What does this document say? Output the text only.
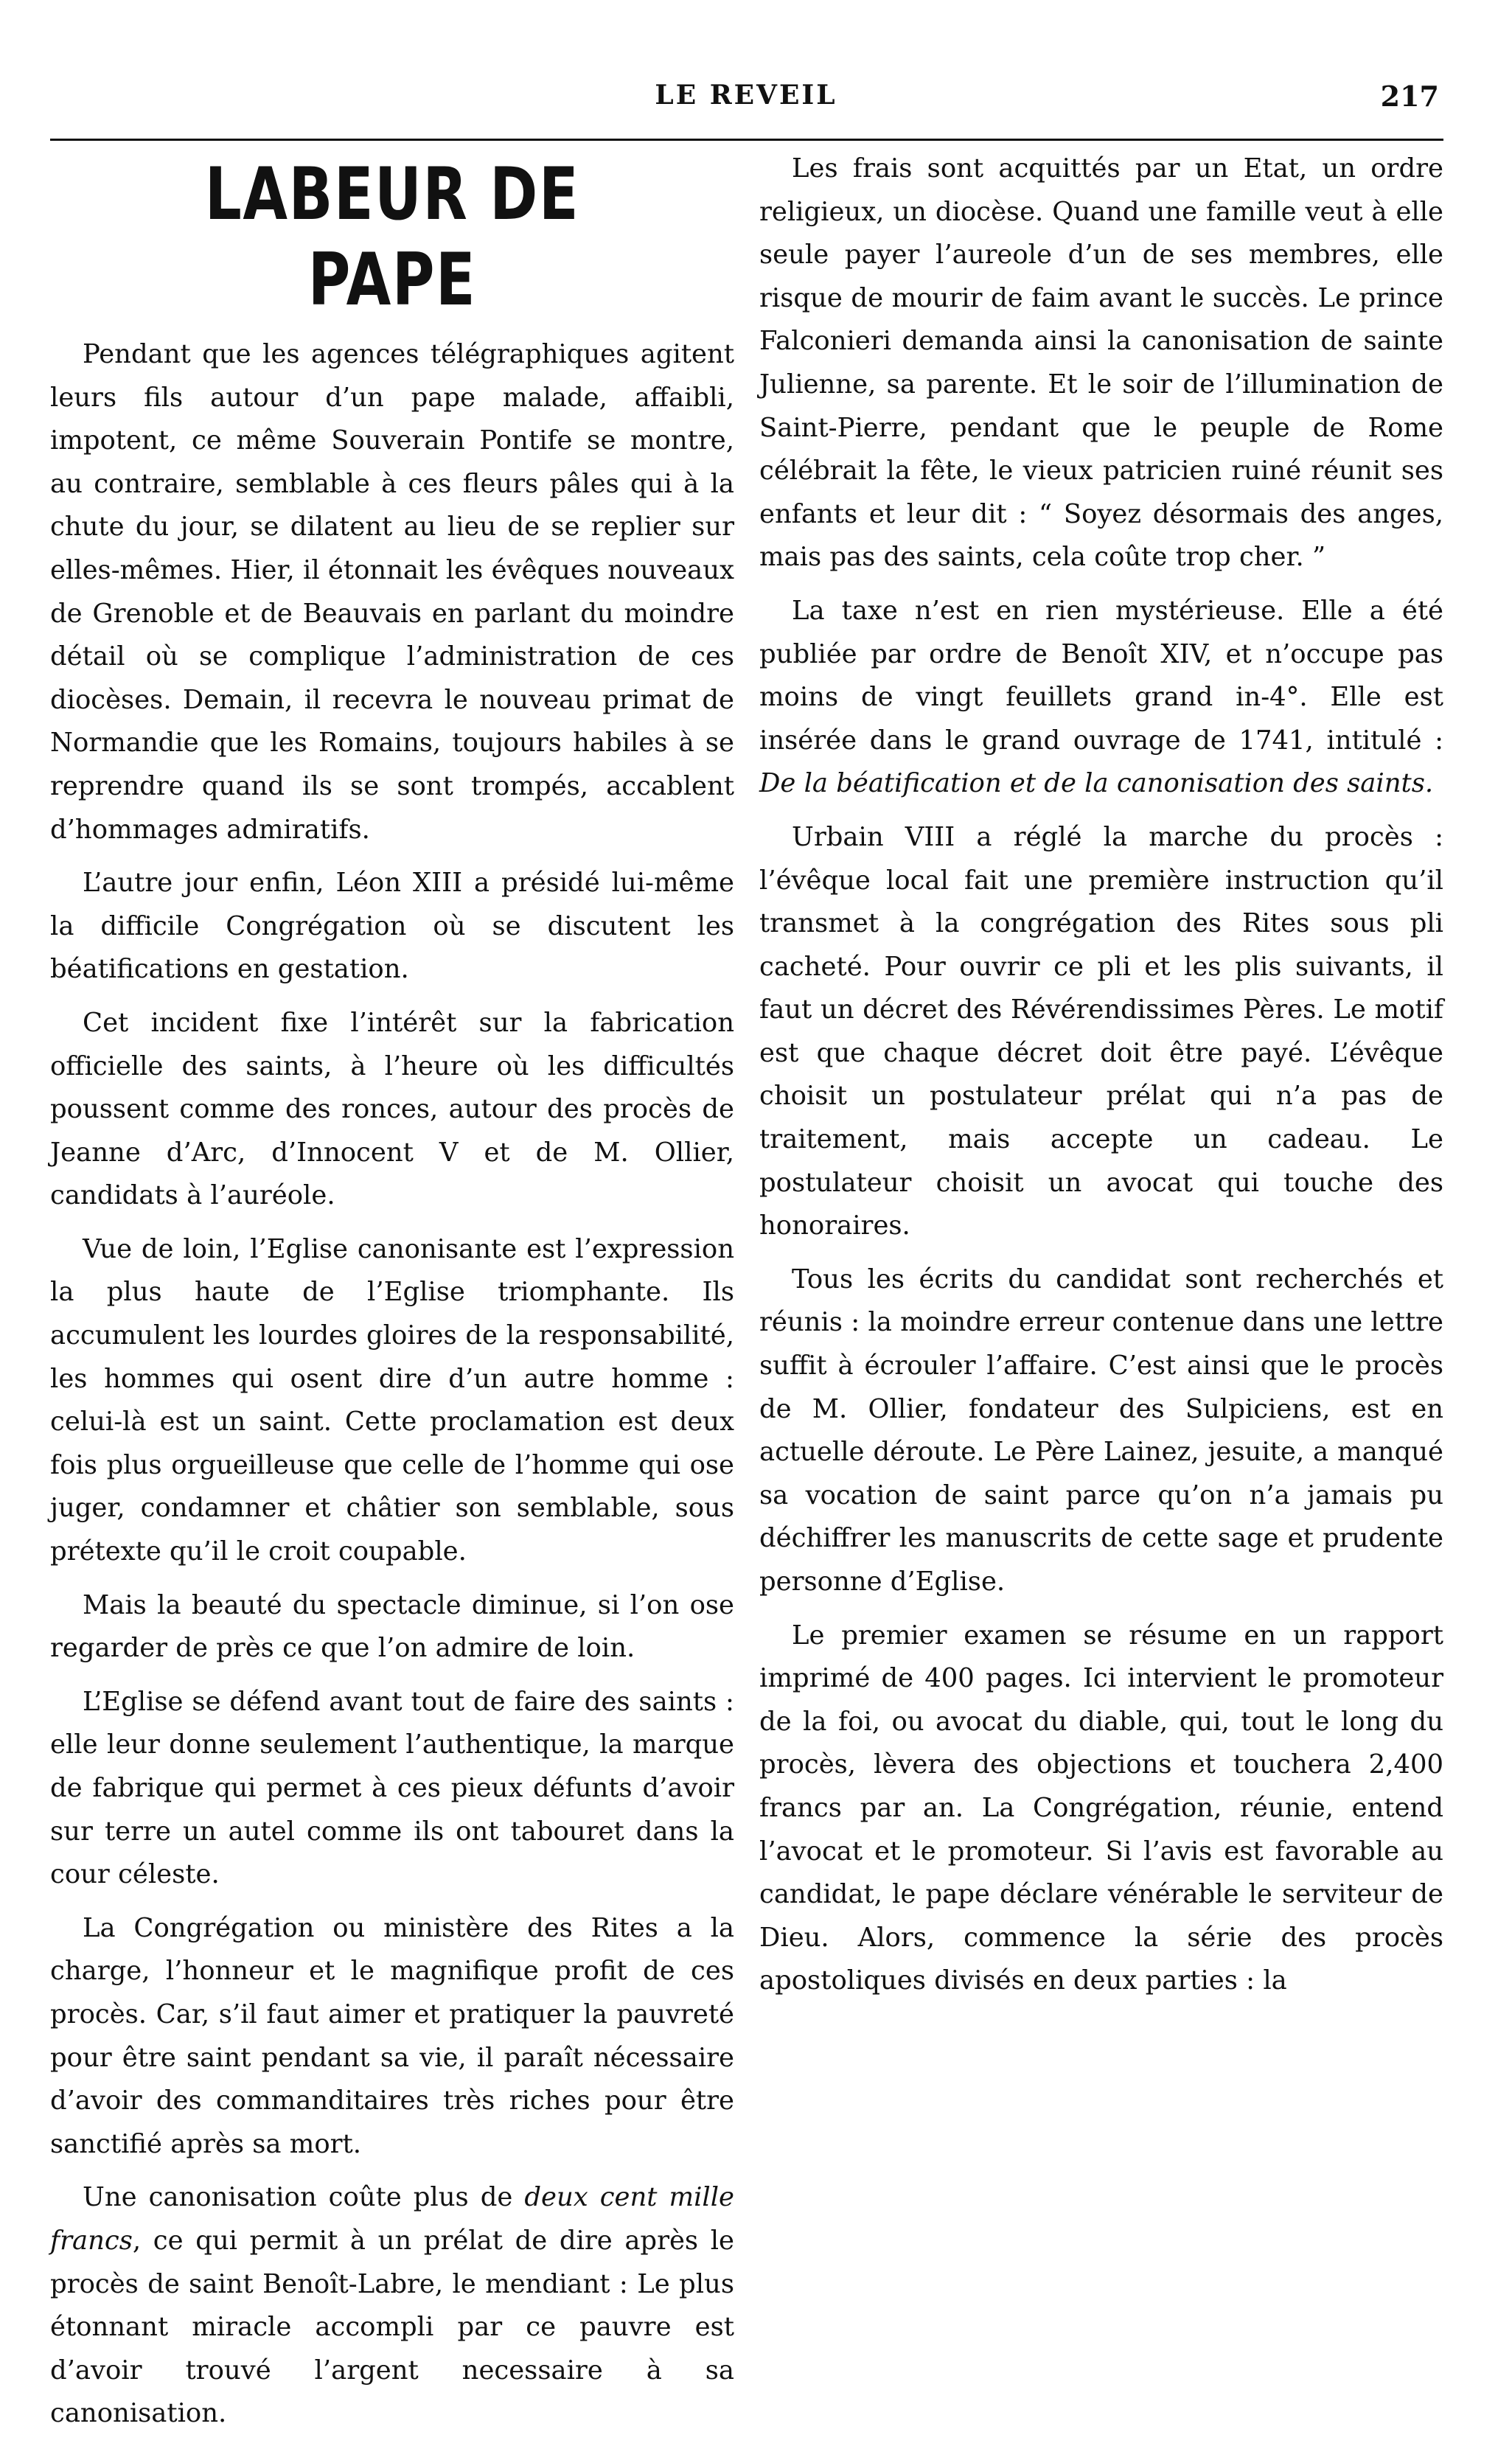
LE REVEIL	217
LABEUR DE PAPE

Pendant que les agences télégraphiques agitent leurs fils autour d’un pape malade, affaibli, impotent, ce même Souverain Pontife se montre, au contraire, semblable à ces fleurs pâles qui à la chute du jour, se dilatent au lieu de se replier sur elles-mêmes. Hier, il étonnait les évêques nouveaux de Grenoble et de Beauvais en parlant du moindre détail où se complique l’administration de ces diocèses. Demain, il recevra le nouveau primat de Normandie que les Romains, toujours habiles à se reprendre quand ils se sont trompés, accablent d’hommages admiratifs.

L’autre jour enfin, Léon XIII a présidé lui-même la difficile Congrégation où se discutent les béatifications en gestation.

Cet incident fixe l’intérêt sur la fabrication officielle des saints, à l’heure où les difficultés poussent comme des ronces, autour des procès de Jeanne d’Arc, d’Innocent V et de M. Ollier, candidats à l’auréole.

Vue de loin, l’Eglise canonisante est l’expression la plus haute de l’Eglise triomphante. Ils accumulent les lourdes gloires de la responsabilité, les hommes qui osent dire d’un autre homme : celui-là est un saint. Cette proclamation est deux fois plus orgueilleuse que celle de l’homme qui ose juger, condamner et châtier son semblable, sous prétexte qu’il le croit coupable.

Mais la beauté du spectacle diminue, si l’on ose regarder de près ce que l’on admire de loin.

L’Eglise se défend avant tout de faire des saints : elle leur donne seulement l’authentique, la marque de fabrique qui permet à ces pieux défunts d’avoir sur terre un autel comme ils ont tabouret dans la cour céleste.

La Congrégation ou ministère des Rites a la charge, l’honneur et le magnifique profit de ces procès. Car, s’il faut aimer et pratiquer la pauvreté pour être saint pendant sa vie, il paraît nécessaire d’avoir des commanditaires très riches pour être sanctifié après sa mort.

Une canonisation coûte plus de deux cent mille francs, ce qui permit à un prélat de dire après le procès de saint Benoît-Labre, le mendiant : Le plus étonnant miracle accompli par ce pauvre est d’avoir trouvé l’argent necessaire à sa canonisation.

Les frais sont acquittés par un Etat, un ordre religieux, un diocèse. Quand une famille veut à elle seule payer l’aureole d’un de ses membres, elle risque de mourir de faim avant le succès. Le prince Falconieri demanda ainsi la canonisation de sainte Julienne, sa parente. Et le soir de l’illumination de Saint-Pierre, pendant que le peuple de Rome célébrait la fête, le vieux patricien ruiné réunit ses enfants et leur dit : “ Soyez désormais des anges, mais pas des saints, cela coûte trop cher. ”

La taxe n’est en rien mystérieuse. Elle a été publiée par ordre de Benoît XIV, et n’occupe pas moins de vingt feuillets grand in-4°. Elle est insérée dans le grand ouvrage de 1741, intitulé : De la béatification et de la canonisation des saints.

Urbain VIII a réglé la marche du procès : l’évêque local fait une première instruction qu’il transmet à la congrégation des Rites sous pli cacheté. Pour ouvrir ce pli et les plis suivants, il faut un décret des Révérendissimes Pères. Le motif est que chaque décret doit être payé. L’évêque choisit un postulateur prélat qui n’a pas de traitement, mais accepte un cadeau. Le postulateur choisit un avocat qui touche des honoraires.

Tous les écrits du candidat sont recherchés et réunis : la moindre erreur contenue dans une lettre suffit à écrouler l’affaire. C’est ainsi que le procès de M. Ollier, fondateur des Sulpiciens, est en actuelle déroute. Le Père Lainez, jesuite, a manqué sa vocation de saint parce qu’on n’a jamais pu déchiffrer les manuscrits de cette sage et prudente personne d’Eglise.

Le premier examen se résume en un rapport imprimé de 400 pages. Ici intervient le promoteur de la foi, ou avocat du diable, qui, tout le long du procès, lèvera des objections et touchera 2,400 francs par an. La Congrégation, réunie, entend l’avocat et le promoteur. Si l’avis est favorable au candidat, le pape déclare vénérable le serviteur de Dieu. Alors, commence la série des procès apostoliques divisés en deux parties : la
